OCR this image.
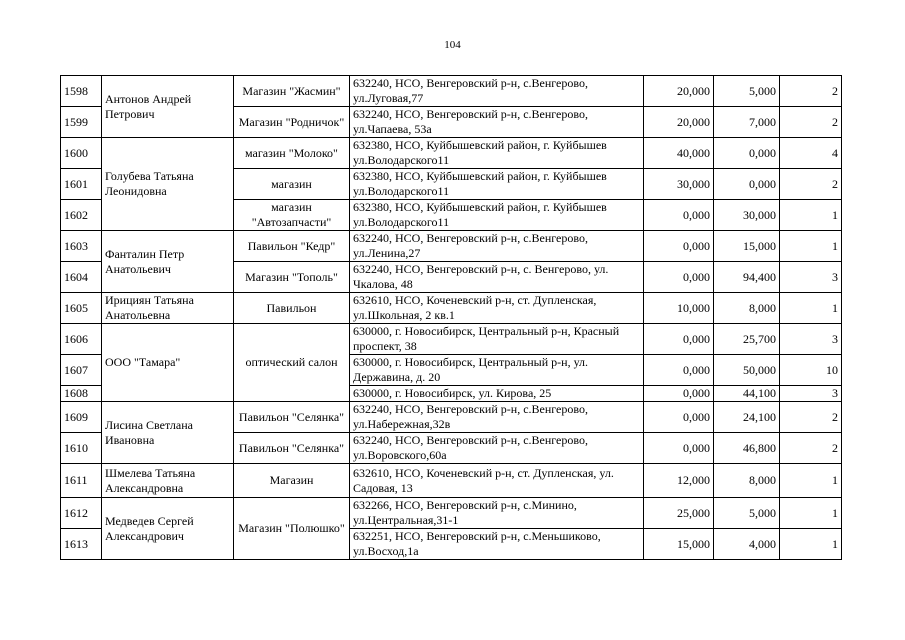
104
1598	Антонов Андрей Петрович	Магазин "Жасмин"	632240, НСО, Венгеровский р-н, с.Венгерово, ул.Луговая,77	20,000	5,000	2
1599		Магазин "Родничок"	632240, НСО, Венгеровский р-н, с.Венгерово, ул.Чапаева, 53а	20,000	7,000	2
1600	Голубева Татьяна Леонидовна	магазин "Молоко"	632380, НСО, Куйбышевский район, г. Куйбышев ул.Володарского11	40,000	0,000	4
1601		магазин	632380, НСО, Куйбышевский район, г. Куйбышев ул.Володарского11	30,000	0,000	2
1602		магазин "Автозапчасти"	632380, НСО, Куйбышевский район, г. Куйбышев ул.Володарского11	0,000	30,000	1
1603	Фанталин Петр Анатольевич	Павильон "Кедр"	632240, НСО, Венгеровский р-н, с.Венгерово, ул.Ленина,27	0,000	15,000	1
1604		Магазин "Тополь"	632240, НСО, Венгеровский р-н, с. Венгерово, ул. Чкалова, 48	0,000	94,400	3
1605	Ирициян Татьяна Анатольевна	Павильон	632610, НСО, Коченевский р-н, ст. Дупленская, ул.Школьная, 2 кв.1	10,000	8,000	1
1606	ООО "Тамара"	оптический салон	630000, г. Новосибирск, Центральный р-н, Красный проспект, 38	0,000	25,700	3
1607			630000, г. Новосибирск, Центральный р-н, ул. Державина, д. 20	0,000	50,000	10
1608			630000, г. Новосибирск, ул. Кирова, 25	0,000	44,100	3
1609	Лисина Светлана Ивановна	Павильон "Селянка"	632240, НСО, Венгеровский р-н, с.Венгерово, ул.Набережная,32в	0,000	24,100	2
1610		Павильон "Селянка"	632240, НСО, Венгеровский р-н, с.Венгерово, ул.Воровского,60а	0,000	46,800	2
1611	Шмелева Татьяна Александровна	Магазин	632610, НСО, Коченевский р-н, ст. Дупленская, ул. Садовая, 13	12,000	8,000	1
1612	Медведев Сергей Александрович	Магазин "Полюшко"	632266, НСО, Венгеровский р-н, с.Минино, ул.Центральная,31-1	25,000	5,000	1
1613			632251, НСО, Венгеровский р-н, с.Меньшиково, ул.Восход,1а	15,000	4,000	1
